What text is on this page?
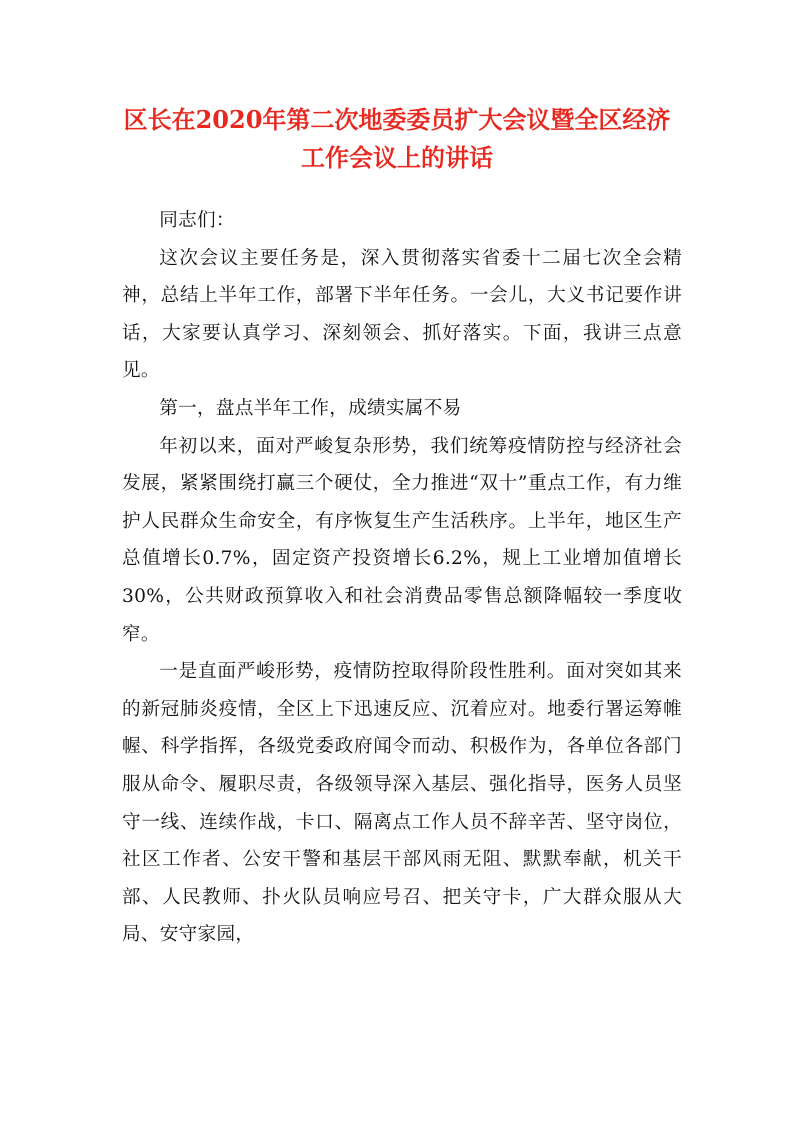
区长在2020年第二次地委委员扩大会议暨全区经济
工作会议上的讲话

同志们：

这次会议主要任务是，深入贯彻落实省委十二届七次全会精神，总结上半年工作，部署下半年任务。一会儿，大义书记要作讲话，大家要认真学习、深刻领会、抓好落实。下面，我讲三点意见。

第一，盘点半年工作，成绩实属不易

年初以来，面对严峻复杂形势，我们统筹疫情防控与经济社会发展，紧紧围绕打赢三个硬仗，全力推进“双十”重点工作，有力维护人民群众生命安全，有序恢复生产生活秩序。上半年，地区生产总值增长0.7%，固定资产投资增长6.2%，规上工业增加值增长30%，公共财政预算收入和社会消费品零售总额降幅较一季度收窄。

一是直面严峻形势，疫情防控取得阶段性胜利。面对突如其来的新冠肺炎疫情，全区上下迅速反应、沉着应对。地委行署运筹帷幄、科学指挥，各级党委政府闻令而动、积极作为，各单位各部门服从命令、履职尽责，各级领导深入基层、强化指导，医务人员坚守一线、连续作战，卡口、隔离点工作人员不辞辛苦、坚守岗位，社区工作者、公安干警和基层干部风雨无阻、默默奉献，机关干部、人民教师、扑火队员响应号召、把关守卡，广大群众服从大局、安守家园，
